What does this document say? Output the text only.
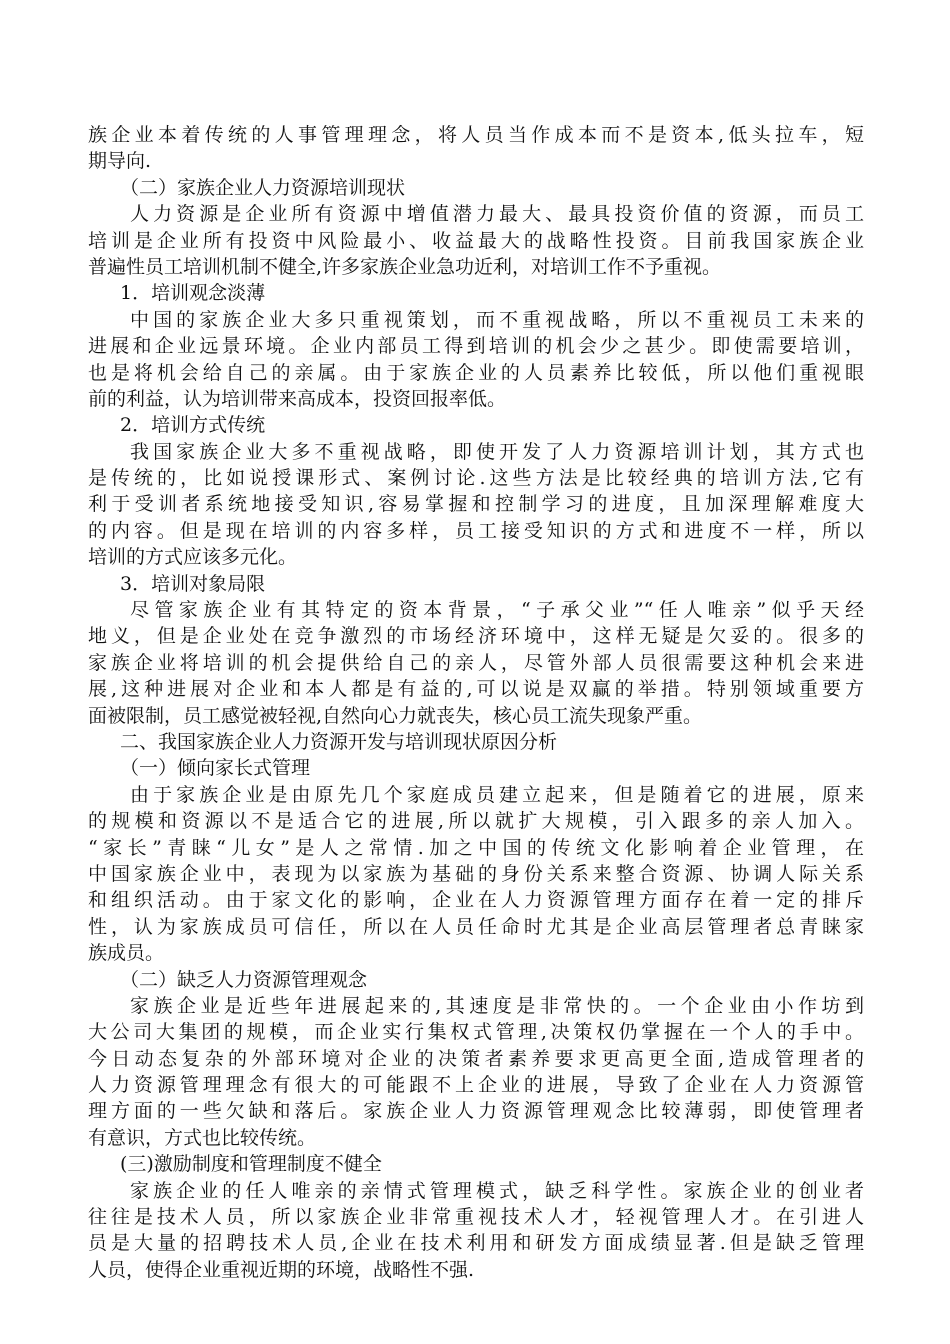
族企业本着传统的人事管理理念，将人员当作成本而不是资本,低头拉车，短
期导向.
（二）家族企业人力资源培训现状
人力资源是企业所有资源中增值潜力最大、最具投资价值的资源，而员工
培训是企业所有投资中风险最小、收益最大的战略性投资。目前我国家族企业
普遍性员工培训机制不健全,许多家族企业急功近利，对培训工作不予重视。
1．培训观念淡薄
中国的家族企业大多只重视策划，而不重视战略，所以不重视员工未来的
进展和企业远景环境。企业内部员工得到培训的机会少之甚少。即使需要培训，
也是将机会给自己的亲属。由于家族企业的人员素养比较低，所以他们重视眼
前的利益，认为培训带来高成本，投资回报率低。
2．培训方式传统
我国家族企业大多不重视战略，即使开发了人力资源培训计划，其方式也
是传统的，比如说授课形式、案例讨论.这些方法是比较经典的培训方法,它有
利于受训者系统地接受知识,容易掌握和控制学习的进度，且加深理解难度大
的内容。但是现在培训的内容多样，员工接受知识的方式和进度不一样，所以
培训的方式应该多元化。
3．培训对象局限
尽管家族企业有其特定的资本背景，“子承父业”“任人唯亲”似乎天经
地义，但是企业处在竞争激烈的市场经济环境中，这样无疑是欠妥的。很多的
家族企业将培训的机会提供给自己的亲人，尽管外部人员很需要这种机会来进
展,这种进展对企业和本人都是有益的,可以说是双赢的举措。特别领域重要方
面被限制，员工感觉被轻视,自然向心力就丧失，核心员工流失现象严重。
二、我国家族企业人力资源开发与培训现状原因分析
（一）倾向家长式管理
由于家族企业是由原先几个家庭成员建立起来，但是随着它的进展，原来
的规模和资源以不是适合它的进展,所以就扩大规模，引入跟多的亲人加入。
“家长”青睐“儿女”是人之常情.加之中国的传统文化影响着企业管理，在
中国家族企业中，表现为以家族为基础的身份关系来整合资源、协调人际关系
和组织活动。由于家文化的影响，企业在人力资源管理方面存在着一定的排斥
性，认为家族成员可信任，所以在人员任命时尤其是企业高层管理者总青睐家
族成员。
（二）缺乏人力资源管理观念
家族企业是近些年进展起来的,其速度是非常快的。一个企业由小作坊到
大公司大集团的规模，而企业实行集权式管理,决策权仍掌握在一个人的手中。
今日动态复杂的外部环境对企业的决策者素养要求更高更全面,造成管理者的
人力资源管理理念有很大的可能跟不上企业的进展，导致了企业在人力资源管
理方面的一些欠缺和落后。家族企业人力资源管理观念比较薄弱，即使管理者
有意识，方式也比较传统。
(三)激励制度和管理制度不健全
家族企业的任人唯亲的亲情式管理模式，缺乏科学性。家族企业的创业者
往往是技术人员，所以家族企业非常重视技术人才，轻视管理人才。在引进人
员是大量的招聘技术人员,企业在技术利用和研发方面成绩显著.但是缺乏管理
人员，使得企业重视近期的环境，战略性不强.
